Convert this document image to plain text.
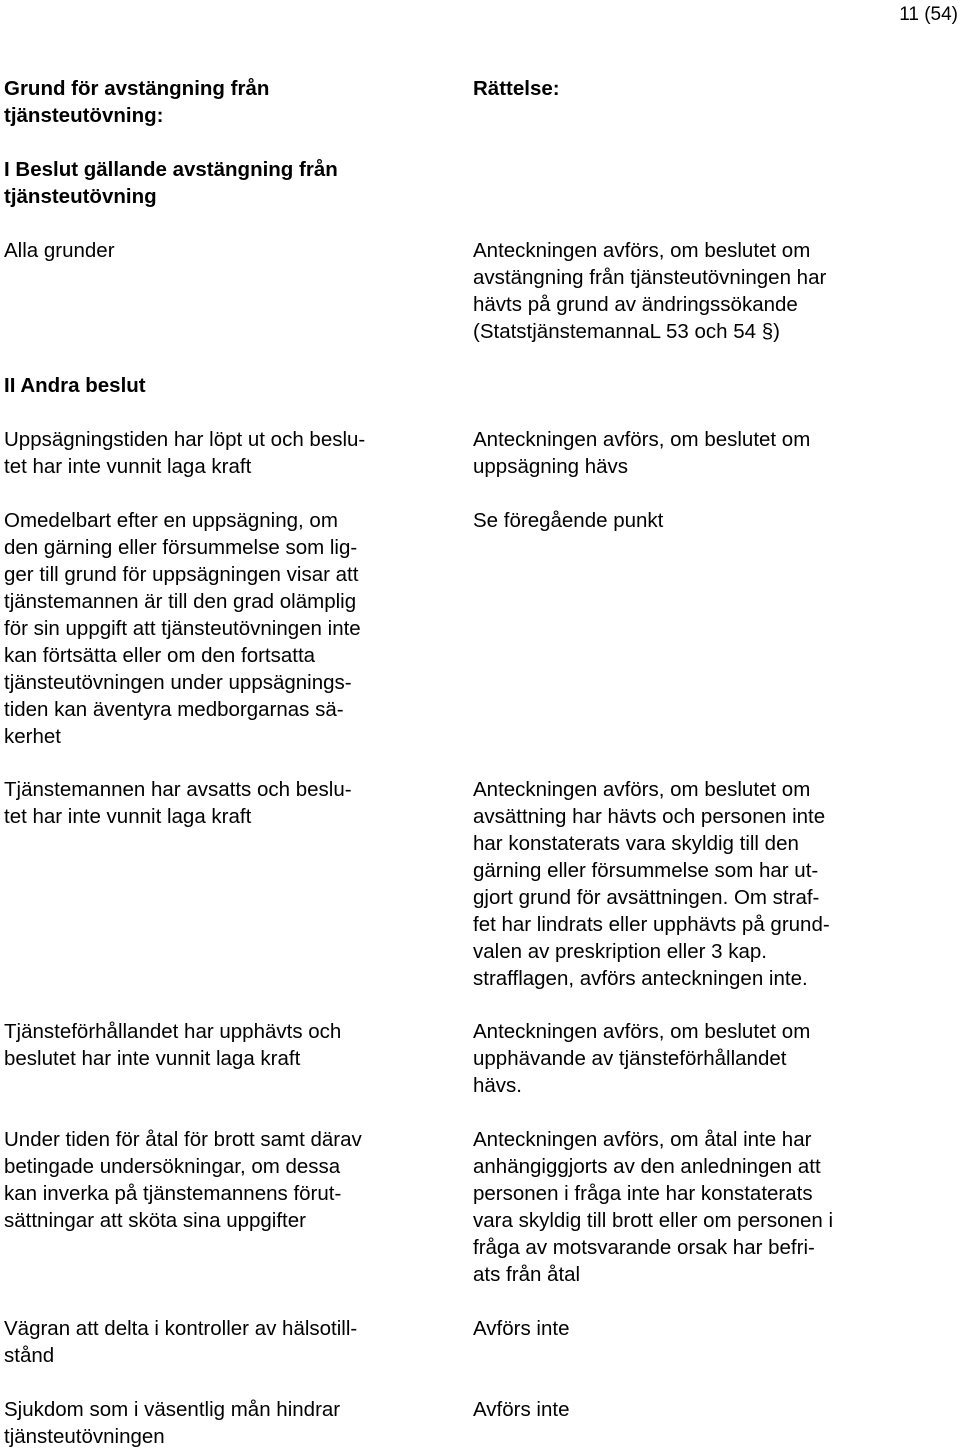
11 (54)

Grund för avstängning från
tjänsteutövning:

Rättelse:

I Beslut gällande avstängning från
tjänsteutövning

Alla grunder	Anteckningen avförs, om beslutet om
avstängning från tjänsteutövningen har
hävts på grund av ändringssökande
(StatstjänstemannaL 53 och 54 §)

II Andra beslut

Uppsägningstiden har löpt ut och beslu-
tet har inte vunnit laga kraft

Anteckningen avförs, om beslutet om
uppsägning hävs

Omedelbart efter en uppsägning, om
den gärning eller försummelse som lig-
ger till grund för uppsägningen visar att
tjänstemannen är till den grad olämplig
för sin uppgift att tjänsteutövningen inte
kan förtsätta eller om den fortsatta
tjänsteutövningen under uppsägnings-
tiden kan äventyra medborgarnas sä-
kerhet

Se föregående punkt

Tjänstemannen har avsatts och beslu-
tet har inte vunnit laga kraft

Anteckningen avförs, om beslutet om
avsättning har hävts och personen inte
har konstaterats vara skyldig till den
gärning eller försummelse som har ut-
gjort grund för avsättningen. Om straf-
fet har lindrats eller upphävts på grund-
valen av preskription eller 3 kap.
strafflagen, avförs anteckningen inte.

Tjänsteförhållandet har upphävts och
beslutet har inte vunnit laga kraft

Anteckningen avförs, om beslutet om
upphävande av tjänsteförhållandet
hävs.

Under tiden för åtal för brott samt därav
betingade undersökningar, om dessa
kan inverka på tjänstemannens förut-
sättningar att sköta sina uppgifter

Anteckningen avförs, om åtal inte har
anhängiggjorts av den anledningen att
personen i fråga inte har konstaterats
vara skyldig till brott eller om personen i
fråga av motsvarande orsak har befri-
ats från åtal

Vägran att delta i kontroller av hälsotill-
stånd

Avförs inte

Sjukdom som i väsentlig mån hindrar
tjänsteutövningen

Avförs inte
